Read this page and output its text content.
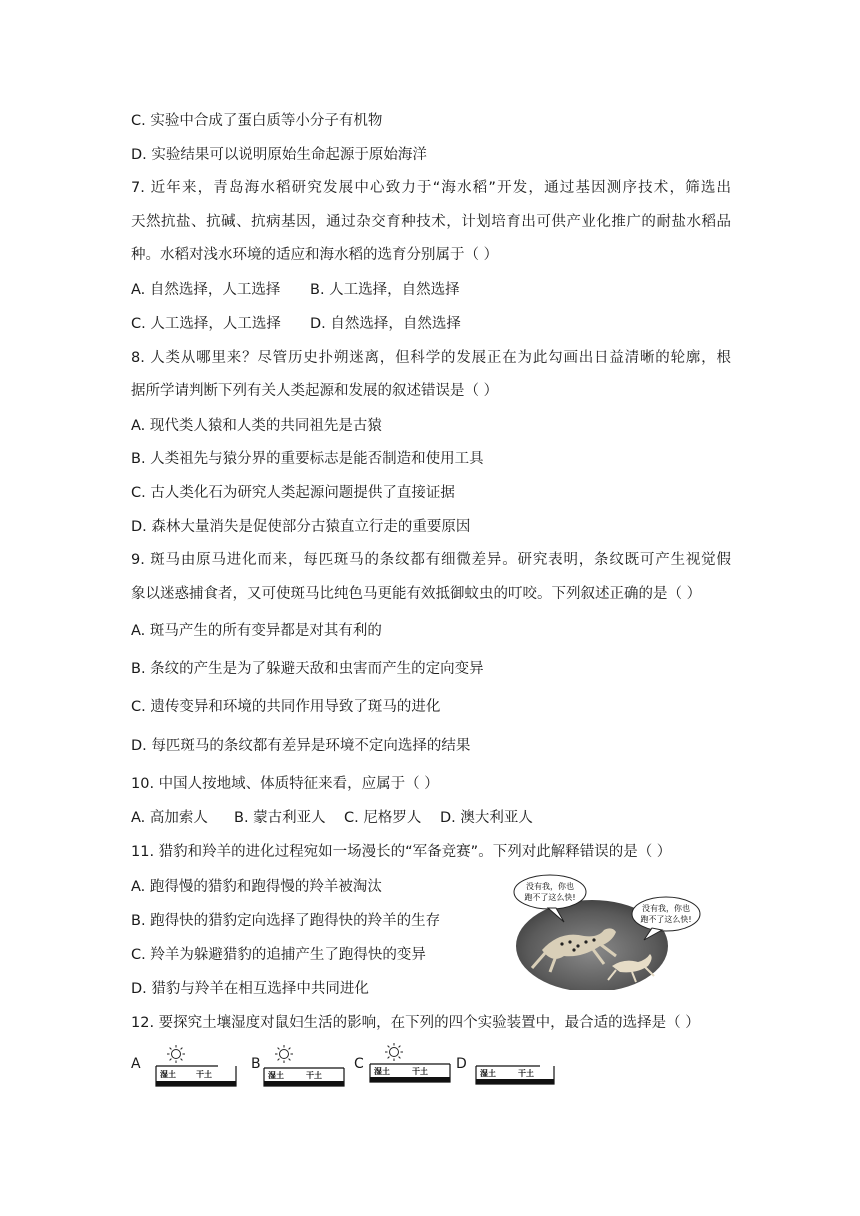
C. 实验中合成了蛋白质等小分子有机物
D. 实验结果可以说明原始生命起源于原始海洋
7. 近年来，青岛海水稻研究发展中心致力于“海水稻”开发，通过基因测序技术，筛选出
天然抗盐、抗碱、抗病基因，通过杂交育种技术，计划培育出可供产业化推广的耐盐水稻品
种。水稻对浅水环境的适应和海水稻的选育分别属于（ ）
A. 自然选择，人工选择 B. 人工选择，自然选择
C. 人工选择，人工选择 D. 自然选择，自然选择
8. 人类从哪里来？尽管历史扑朔迷离，但科学的发展正在为此勾画出日益清晰的轮廓，根
据所学请判断下列有关人类起源和发展的叙述错误是（ ）
A. 现代类人猿和人类的共同祖先是古猿
B. 人类祖先与猿分界的重要标志是能否制造和使用工具
C. 古人类化石为研究人类起源问题提供了直接证据
D. 森林大量消失是促使部分古猿直立行走的重要原因
9. 斑马由原马进化而来，每匹斑马的条纹都有细微差异。研究表明，条纹既可产生视觉假
象以迷惑捕食者，又可使斑马比纯色马更能有效抵御蚊虫的叮咬。下列叙述正确的是（ ）
A. 斑马产生的所有变异都是对其有利的
B. 条纹的产生是为了躲避天敌和虫害而产生的定向变异
C. 遗传变异和环境的共同作用导致了斑马的进化
D. 每匹斑马的条纹都有差异是环境不定向选择的结果
10. 中国人按地域、体质特征来看，应属于（ ）
A. 高加索人 B. 蒙古利亚人 C. 尼格罗人 D. 澳大利亚人
11. 猎豹和羚羊的进化过程宛如一场漫长的“军备竞赛”。下列对此解释错误的是（ ）
A. 跑得慢的猎豹和跑得慢的羚羊被淘汰
B. 跑得快的猎豹定向选择了跑得快的羚羊的生存
C. 羚羊为躲避猎豹的追捕产生了跑得快的变异
D. 猎豹与羚羊在相互选择中共同进化
12. 要探究土壤湿度对鼠妇生活的影响，在下列的四个实验装置中，最合适的选择是（ ）
没有我，你也
跑不了这么快!
没有我，你也
跑不了这么快!
A
湿土	干土
B
湿土	干土
C 湿土	干土 D
湿土	干土
